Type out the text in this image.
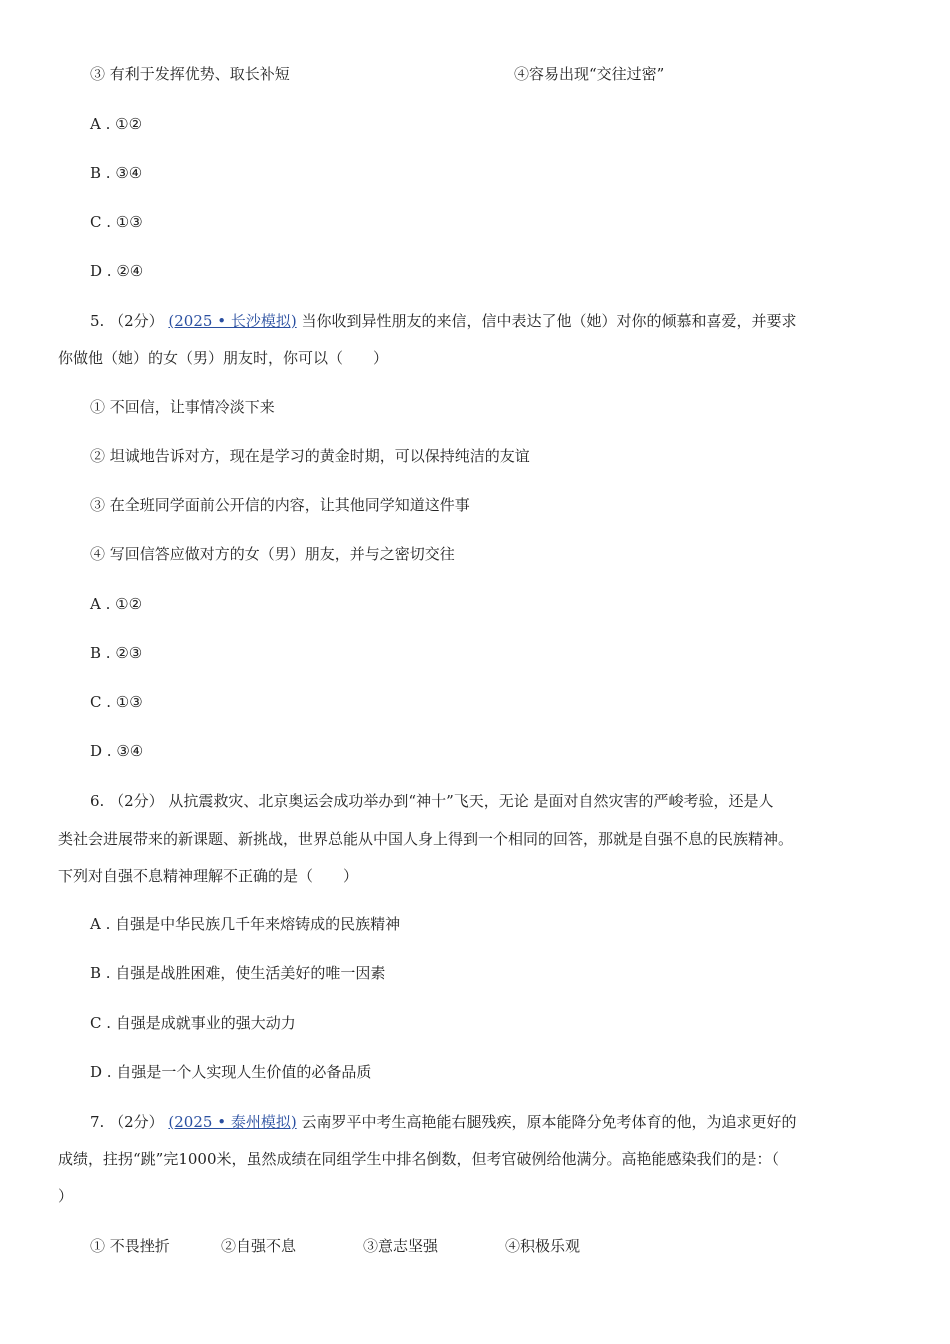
③ 有利于发挥优势、取长补短	④容易出现“交往过密”
A . ①②
B . ③④
C . ①③
D . ②④
5. （2分） (2025 • 长沙模拟) 当你收到异性朋友的来信，信中表达了他（她）对你的倾慕和喜爱，并要求
你做他（她）的女（男）朋友时，你可以（　　）
① 不回信，让事情冷淡下来
② 坦诚地告诉对方，现在是学习的黄金时期，可以保持纯洁的友谊
③ 在全班同学面前公开信的内容，让其他同学知道这件事
④ 写回信答应做对方的女（男）朋友，并与之密切交往
A . ①②
B . ②③
C . ①③
D . ③④
6. （2分） 从抗震救灾、北京奥运会成功举办到“神十”飞天，无论 是面对自然灾害的严峻考验，还是人
类社会进展带来的新课题、新挑战，世界总能从中国人身上得到一个相同的回答，那就是自强不息的民族精神。
下列对自强不息精神理解不正确的是（　　）
A . 自强是中华民族几千年来熔铸成的民族精神
B . 自强是战胜困难，使生活美好的唯一因素
C . 自强是成就事业的强大动力
D . 自强是一个人实现人生价值的必备品质
7. （2分） (2025 • 泰州模拟) 云南罗平中考生高艳能右腿残疾，原本能降分免考体育的他，为追求更好的
成绩，拄拐“跳”完1000米，虽然成绩在同组学生中排名倒数，但考官破例给他满分。高艳能感染我们的是：（
）
① 不畏挫折	②自强不息	③意志坚强	④积极乐观
